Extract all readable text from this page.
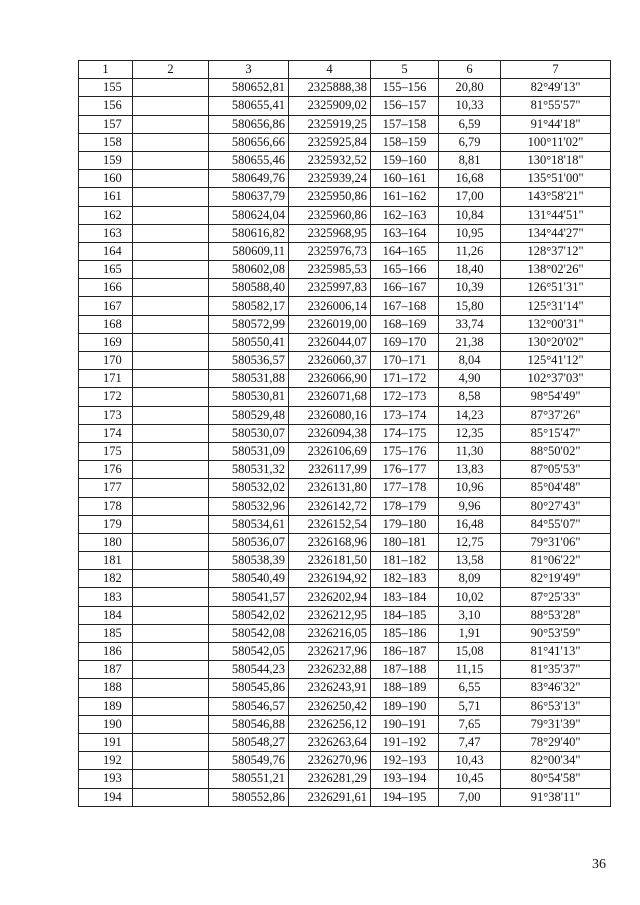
1	2	3	4	5	6	7
155		580652,81	2325888,38	155–156	20,80	82°49'13"
156		580655,41	2325909,02	156–157	10,33	81°55'57"
157		580656,86	2325919,25	157–158	6,59	91°44'18"
158		580656,66	2325925,84	158–159	6,79	100°11'02"
159		580655,46	2325932,52	159–160	8,81	130°18'18"
160		580649,76	2325939,24	160–161	16,68	135°51'00"
161		580637,79	2325950,86	161–162	17,00	143°58'21"
162		580624,04	2325960,86	162–163	10,84	131°44'51"
163		580616,82	2325968,95	163–164	10,95	134°44'27"
164		580609,11	2325976,73	164–165	11,26	128°37'12"
165		580602,08	2325985,53	165–166	18,40	138°02'26"
166		580588,40	2325997,83	166–167	10,39	126°51'31"
167		580582,17	2326006,14	167–168	15,80	125°31'14"
168		580572,99	2326019,00	168–169	33,74	132°00'31"
169		580550,41	2326044,07	169–170	21,38	130°20'02"
170		580536,57	2326060,37	170–171	8,04	125°41'12"
171		580531,88	2326066,90	171–172	4,90	102°37'03"
172		580530,81	2326071,68	172–173	8,58	98°54'49"
173		580529,48	2326080,16	173–174	14,23	87°37'26"
174		580530,07	2326094,38	174–175	12,35	85°15'47"
175		580531,09	2326106,69	175–176	11,30	88°50'02"
176		580531,32	2326117,99	176–177	13,83	87°05'53"
177		580532,02	2326131,80	177–178	10,96	85°04'48"
178		580532,96	2326142,72	178–179	9,96	80°27'43"
179		580534,61	2326152,54	179–180	16,48	84°55'07"
180		580536,07	2326168,96	180–181	12,75	79°31'06"
181		580538,39	2326181,50	181–182	13,58	81°06'22"
182		580540,49	2326194,92	182–183	8,09	82°19'49"
183		580541,57	2326202,94	183–184	10,02	87°25'33"
184		580542,02	2326212,95	184–185	3,10	88°53'28"
185		580542,08	2326216,05	185–186	1,91	90°53'59"
186		580542,05	2326217,96	186–187	15,08	81°41'13"
187		580544,23	2326232,88	187–188	11,15	81°35'37"
188		580545,86	2326243,91	188–189	6,55	83°46'32"
189		580546,57	2326250,42	189–190	5,71	86°53'13"
190		580546,88	2326256,12	190–191	7,65	79°31'39"
191		580548,27	2326263,64	191–192	7,47	78°29'40"
192		580549,76	2326270,96	192–193	10,43	82°00'34"
193		580551,21	2326281,29	193–194	10,45	80°54'58"
194		580552,86	2326291,61	194–195	7,00	91°38'11"
36
